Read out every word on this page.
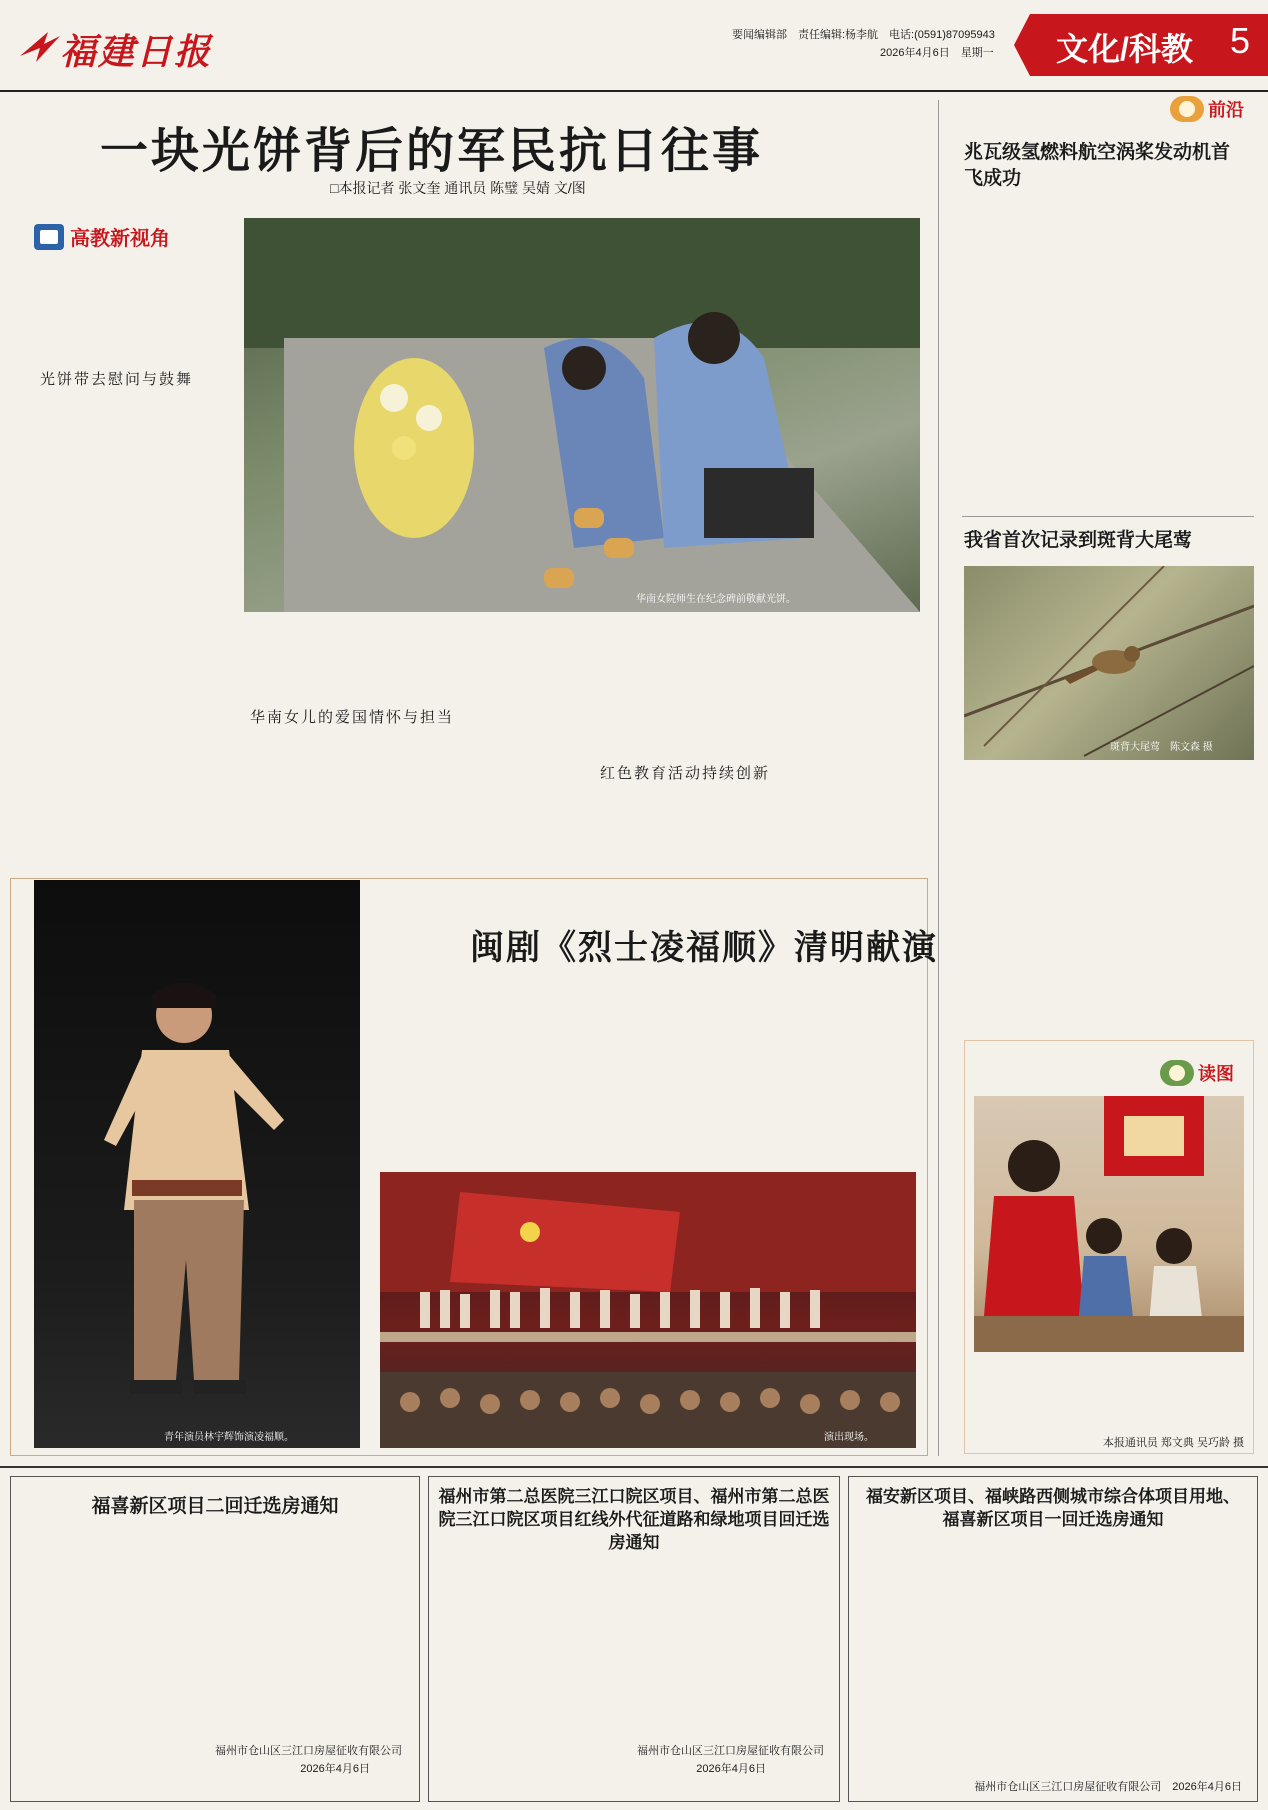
福建日报	要闻编辑部　责任编辑:杨李航　电话:(0591)87095943
2026年4月6日　星期一 文化/科教 5
一块光饼背后的军民抗日往事
□本报记者 张文奎 通讯员 陈璧 吴婧 文/图
高教新视角
光饼带去慰问与鼓舞
华南女院师生在纪念碑前敬献光饼。
华南女儿的爱国情怀与担当
红色教育活动持续创新
青年演员林宇辉饰演凌福顺。
闽剧《烈士凌福顺》清明献演
演出现场。
前沿
兆瓦级氢燃料航空涡桨发动机首飞成功
我省首次记录到斑背大尾莺
斑背大尾莺　陈文森 摄
读图
本报通讯员 郑文典 吴巧龄 摄
福喜新区项目二回迁选房通知
福州市仓山区三江口房屋征收有限公司
2026年4月6日
福州市第二总医院三江口院区项目、福州市第二总医院三江口院区项目红线外代征道路和绿地项目回迁选房通知
福州市仓山区三江口房屋征收有限公司
2026年4月6日
福安新区项目、福峡路西侧城市综合体项目用地、福喜新区项目一回迁选房通知
福州市仓山区三江口房屋征收有限公司　2026年4月6日
